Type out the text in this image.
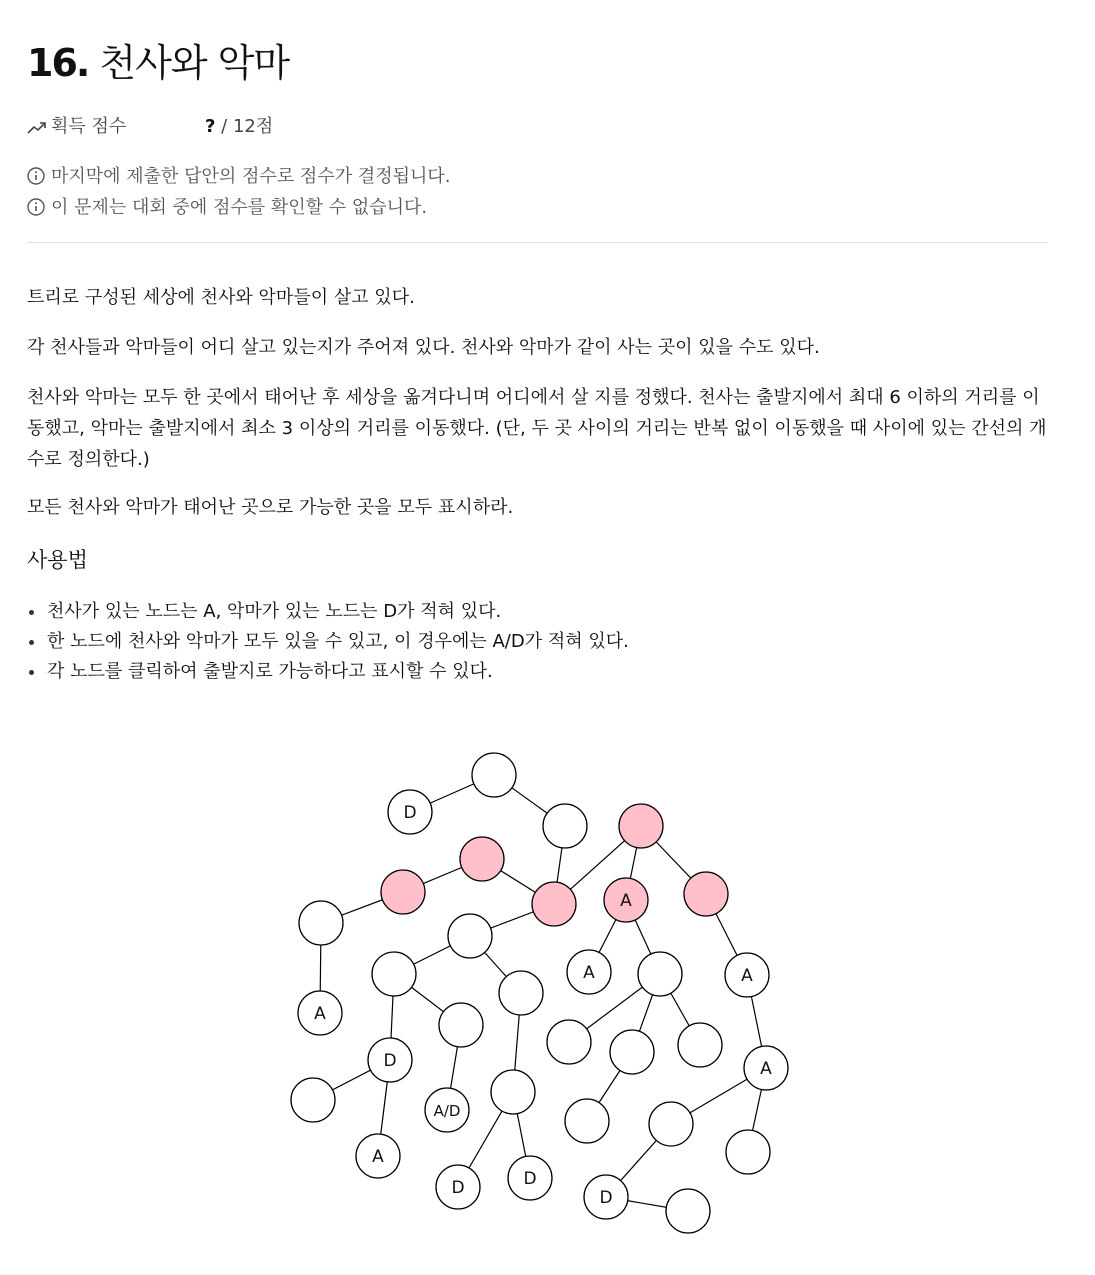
16. 천사와 악마
획득 점수	? / 12점
마지막에 제출한 답안의 점수로 점수가 결정됩니다.
이 문제는 대회 중에 점수를 확인할 수 없습니다.

트리로 구성된 세상에 천사와 악마들이 살고 있다.

각 천사들과 악마들이 어디 살고 있는지가 주어져 있다. 천사와 악마가 같이 사는 곳이 있을 수도 있다.

천사와 악마는 모두 한 곳에서 태어난 후 세상을 옮겨다니며 어디에서 살 지를 정했다. 천사는 출발지에서 최대 6 이하의 거리를 이동했고, 악마는 출발지에서 최소 3 이상의 거리를 이동했다. (단, 두 곳 사이의 거리는 반복 없이 이동했을 때 사이에 있는 간선의 개수로 정의한다.)

모든 천사와 악마가 태어난 곳으로 가능한 곳을 모두 표시하라.

사용법
천사가 있는 노드는 A, 악마가 있는 노드는 D가 적혀 있다.
한 노드에 천사와 악마가 모두 있을 수 있고, 이 경우에는 A/D가 적혀 있다.
각 노드를 클릭하여 출발지로 가능하다고 표시할 수 있다.
D
A
A
A	A
D
A/D
A
A
D	D
D
